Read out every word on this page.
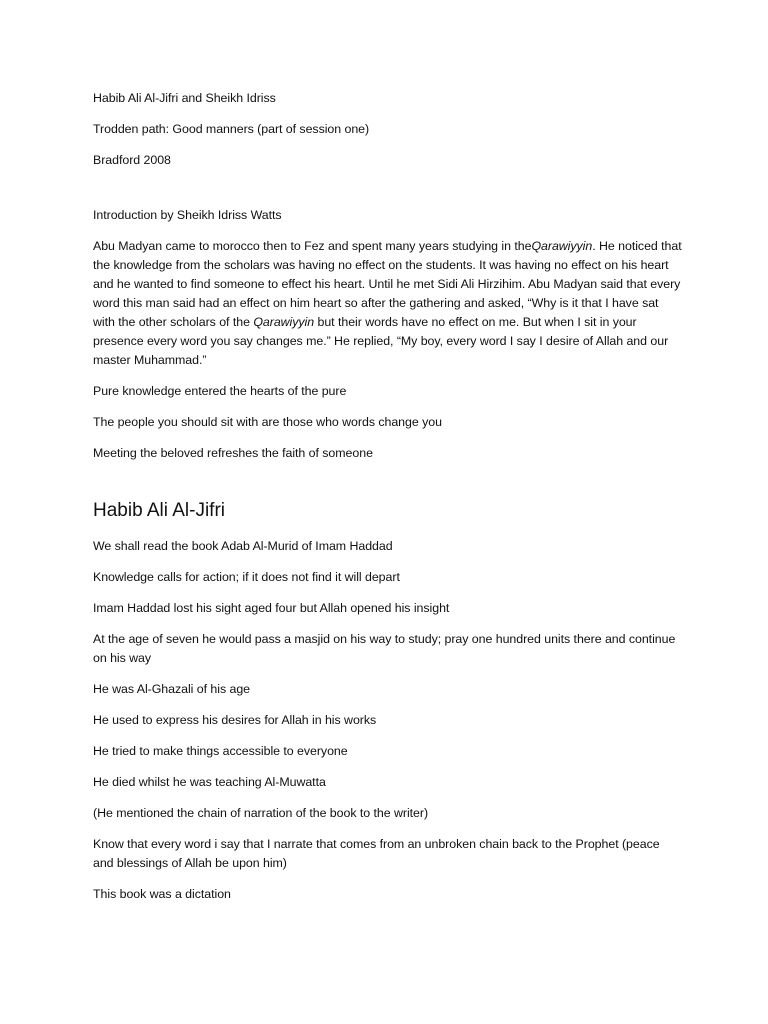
Habib Ali Al-Jifri and Sheikh Idriss

Trodden path: Good manners (part of session one)

Bradford 2008

Introduction by Sheikh Idriss Watts

Abu Madyan came to morocco then to Fez and spent many years studying in theQarawiyyin. He noticed that the knowledge from the scholars was having no effect on the students. It was having no effect on his heart and he wanted to find someone to effect his heart. Until he met Sidi Ali Hirzihim. Abu Madyan said that every word this man said had an effect on him heart so after the gathering and asked, “Why is it that I have sat with the other scholars of the Qarawiyyin but their words have no effect on me. But when I sit in your presence every word you say changes me.” He replied, “My boy, every word I say I desire of Allah and our master Muhammad.”

Pure knowledge entered the hearts of the pure

The people you should sit with are those who words change you

Meeting the beloved refreshes the faith of someone

Habib Ali Al-Jifri

We shall read the book Adab Al-Murid of Imam Haddad

Knowledge calls for action; if it does not find it will depart

Imam Haddad lost his sight aged four but Allah opened his insight

At the age of seven he would pass a masjid on his way to study; pray one hundred units there and continue on his way

He was Al-Ghazali of his age

He used to express his desires for Allah in his works

He tried to make things accessible to everyone

He died whilst he was teaching Al-Muwatta

(He mentioned the chain of narration of the book to the writer)

Know that every word i say that I narrate that comes from an unbroken chain back to the Prophet (peace and blessings of Allah be upon him)

This book was a dictation
